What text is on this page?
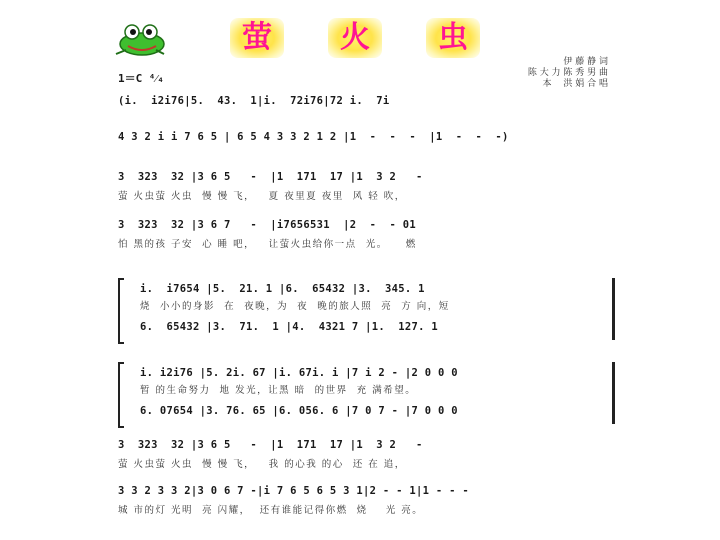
萤	火	虫
1＝C ⁴⁄₄
伊 藤 静 词
陈 大 力 陈 秀 男 曲
本　 洪 娟 合 唱
(i.  i2i76|5.  43.  1|i.  72i76|72 i.  7i
4 3 2 i i 7 6 5 | 6 5 4 3 3 2 1 2 |1  -  -  -  |1  -  -  -)
3  323  32 |3 6 5   -  |1  171  17 |1  3 2   -
萤 火虫萤 火虫  慢 慢 飞，   夏 夜里夏 夜里  风 轻 吹，
3  323  32 |3 6 7   -  |i7656531  |2  -  - 01
怕 黑的孩 子安  心 睡 吧，   让萤火虫给你一点  光。    燃
i.  i7654 |5.  21. 1 |6.  65432 |3.  345. 1
烧  小小的身影  在  夜晚，为  夜  晚的旅人照  亮  方 向，短
6.  65432 |3.  71.  1 |4.  4321 7 |1.  127. 1
i. i2i76 |5. 2i. 67 |i. 67i. i |7 i 2 - |2 0 0 0
暂 的生命努力  地 发光，让黑 暗  的世界  充 满希望。
6. 07654 |3. 76. 65 |6. 056. 6 |7 0 7 - |7 0 0 0
3  323  32 |3 6 5   -  |1  171  17 |1  3 2   -
萤 火虫萤 火虫  慢 慢 飞，   我 的心我 的心  还 在 追，
3 3 2 3 3 2|3 0 6 7 -|i 7 6 5 6 5 3 1|2 - - 1|1 - - -
城 市的灯 光明  亮 闪耀，  还有谁能记得你燃  烧    光 亮。
